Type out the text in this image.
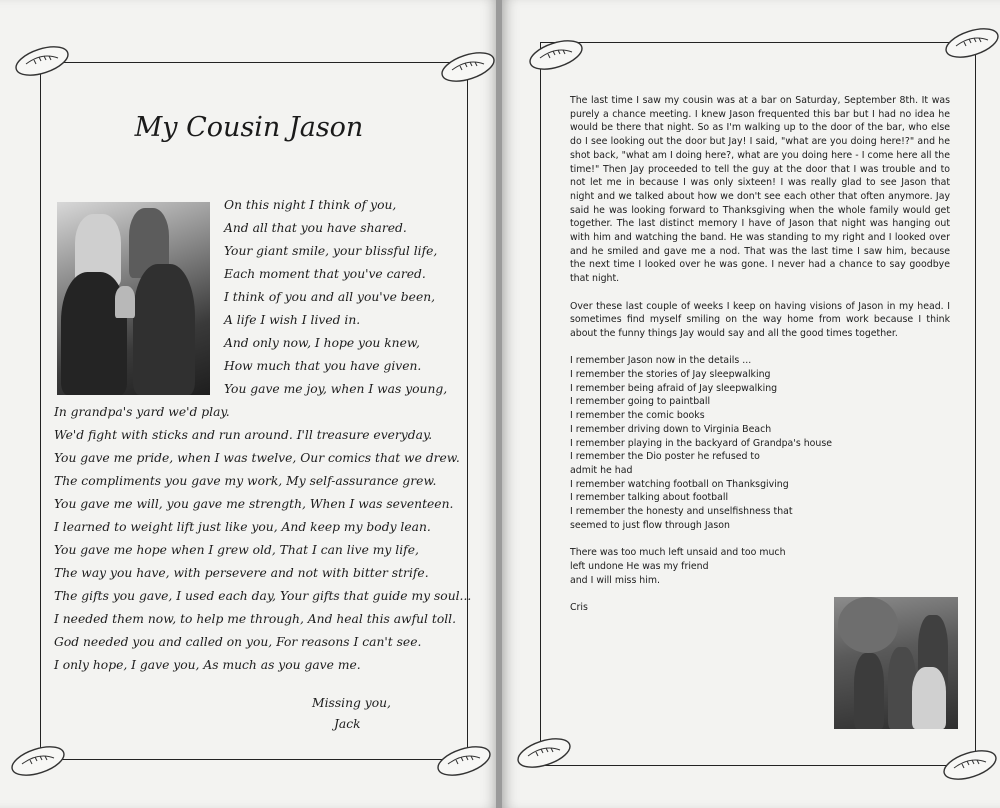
My Cousin Jason
On this night I think of you,
And all that you have shared.
Your giant smile, your blissful life,
Each moment that you've cared.
I think of you and all you've been,
A life I wish I lived in.
And only now, I hope you knew,
How much that you have given.
You gave me joy, when I was young,
In grandpa's yard we'd play.
We'd fight with sticks and run around. I'll treasure everyday.
You gave me pride, when I was twelve, Our comics that we drew.
The compliments you gave my work, My self-assurance grew.
You gave me will, you gave me strength, When I was seventeen.
I learned to weight lift just like you, And keep my body lean.
You gave me hope when I grew old, That I can live my life,
The way you have, with persevere and not with bitter strife.
The gifts you gave, I used each day, Your gifts that guide my soul...
I needed them now, to help me through, And heal this awful toll.
God needed you and called on you, For reasons I can't see.
I only hope, I gave you, As much as you gave me.
Missing you,
Jack

The last time I saw my cousin was at a bar on Saturday, September 8th. It was purely a chance meeting. I knew Jason frequented this bar but I had no idea he would be there that night. So as I'm walking up to the door of the bar, who else do I see looking out the door but Jay! I said, "what are you doing here!?" and he shot back, "what am I doing here?, what are you doing here - I come here all the time!" Then Jay proceeded to tell the guy at the door that I was trouble and to not let me in because I was only sixteen! I was really glad to see Jason that night and we talked about how we don't see each other that often anymore. Jay said he was looking forward to Thanksgiving when the whole family would get together. The last distinct memory I have of Jason that night was hanging out with him and watching the band. He was standing to my right and I looked over and he smiled and gave me a nod. That was the last time I saw him, because the next time I looked over he was gone. I never had a chance to say goodbye that night.

Over these last couple of weeks I keep on having visions of Jason in my head. I sometimes find myself smiling on the way home from work because I think about the funny things Jay would say and all the good times together.

I remember Jason now in the details ...
I remember the stories of Jay sleepwalking
I remember being afraid of Jay sleepwalking
I remember going to paintball
I remember the comic books
I remember driving down to Virginia Beach
I remember playing in the backyard of Grandpa's house
I remember the Dio poster he refused to
admit he had
I remember watching football on Thanksgiving
I remember talking about football
I remember the honesty and unselfishness that
seemed to just flow through Jason
There was too much left unsaid and too much
left undone He was my friend
and I will miss him.
Cris
